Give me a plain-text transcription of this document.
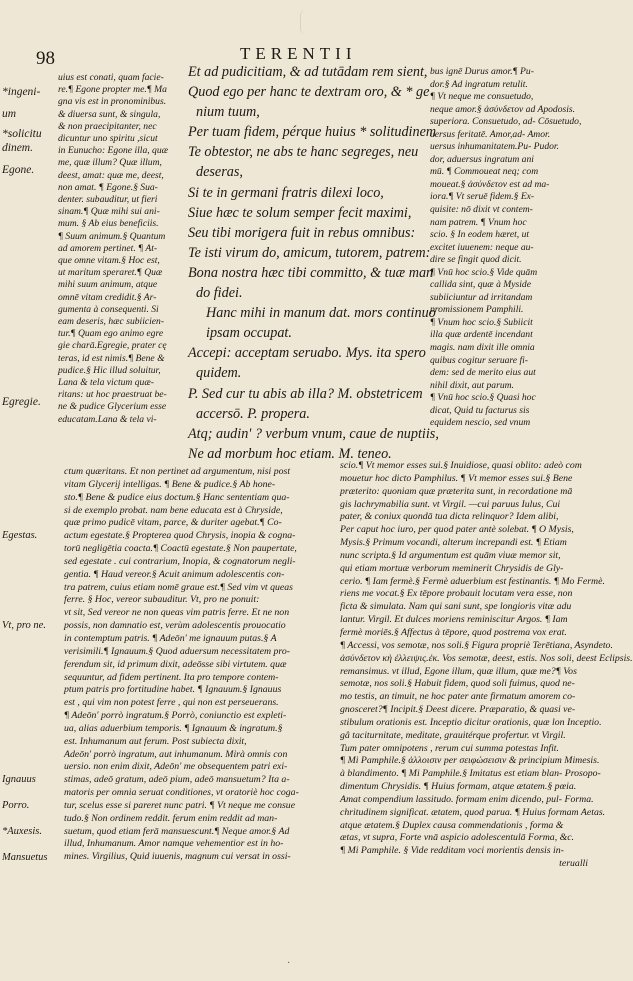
98	TERENTII
*ingeni-
um
*solicitu
dinem.
Egone.
Egregie.
uius est conati, quam facie-
re.¶ Egone propter me.¶ Ma
gna vis est in pronominibus.
& diuersa sunt, & singula,
& non praecipitanter, nec
dicuntur uno spiritu ,sicut
in Eunucho: Egone illa, quæ
me, quæ illum? Quæ illum,
deest, amat: quæ me, deest,
non amat. ¶ Egone.§ Sua-
denter. subauditur, ut fieri
sinam.¶ Quæ mihi sui ani-
mum. § Ab eius beneficiis.
¶ Suum animum.§ Quantum
ad amorem pertinet. ¶ At-
que omne vitam.§ Hoc est,
ut maritum speraret.¶ Quæ
mihi suum animum, atque
omnē vitam credidit.§ Ar-
gumenta à consequenti. Si
eam deseris, hæc subiicien-
tur.¶ Quam ego animo egre
gie charā.Egregie, prater cę
teras, id est nimis.¶ Bene &
pudice.§ Hic illud soluitur,
Lana & tela victum quæ-
ritans: ut hoc praestruat be-
ne & pudice Glycerium esse
educatam.Lana & tela vi-
Et ad pudicitiam, & ad tutādam rem sient,
Quod ego per hanc te dextram oro, & * ge
nium tuum,
Per tuam fidem, pérque huius * solitudinem
Te obtestor, ne abs te hanc segreges, neu
deseras,
Si te in germani fratris dilexi loco,
Siue hæc te solum semper fecit maximi,
Seu tibi morigera fuit in rebus omnibus:
Te isti virum do, amicum, tutorem, patrem:
Bona nostra hæc tibi committo, & tuæ man
do fidei.
Hanc mihi in manum dat. mors continuo
ipsam occupat.
Accepi: acceptam seruabo. Mys. ita spero
quidem.
P. Sed cur tu abis ab illa? M. obstetricem
accersō. P. propera.
Atq; audin' ? verbum vnum, caue de nuptiis,
Ne ad morbum hoc etiam. M. teneo.
bus ignē Durus amor.¶ Pu-
dor.§ Ad ingratum retulit.
¶ Vt neque me consuetudo,
neque amor.§ ἀσύνδετον ad Apodosis.
superiora. Consuetudo, ad- Cōsuetudo,
uersus feritatē. Amor,ad- Amor.
uersus inhumanitatem.Pu- Pudor.
dor, aduersus ingratum ani
mū. ¶ Commoueat neq; com
moueat.§ ἀσύνδετον est ad ma-
iora.¶ Vt seruē fidem.§ Ex-
quisite: nō dixit vt contem-
nam patrem. ¶ Vnum hoc
scio. § In eodem hæret, ut
excitet iuuenem: neque au-
dire se fingit quod dicit.
¶ Vnū hoc scio.§ Vide quām
callida sint, quæ à Myside
subiiciuntur ad irritandam
promissionem Pamphili.
¶ Vnum hoc scio.§ Subiicit
illa quæ ardentē incendant
magis. nam dixit ille omnia
quibus cogitur seruare fi-
dem: sed de merito eius aut
nihil dixit, aut parum.
¶ Vnū hoc scio.§ Quasi hoc
dicat, Quid tu facturus sis
equidem nescio, sed vnum
Egestas.
Vt, pro ne.
Ignauus
Porro.
*Auxesis.
Mansuetus
ctum quæritans. Et non pertinet ad argumentum, nisi post
vitam Glycerij intelligas. ¶ Bene & pudice.§ Ab hone-
sto.¶ Bene & pudice eius doctum.§ Hanc sententiam qua-
si de exemplo probat. nam bene educata est à Chryside,
quæ primo pudicē vitam, parce, & duriter agebat.¶ Co-
actum egestate.§ Propterea quod Chrysis, inopia & cogna-
torū negligētia coacta.¶ Coactū egestate.§ Non paupertate,
sed egestate . cui contrarium, Inopia, & cognatorum negli-
gentia. ¶ Haud vereor.§ Acuit animum adolescentis con-
tra patrem, cuius etiam nomē graue est.¶ Sed vim vt queas
ferre. § Hoc, vereor subauditur. Vt, pro ne ponuit:
vt sit, Sed vereor ne non queas vim patris ferre. Et ne non
possis, non damnatio est, verùm adolescentis prouocatio
in contemptum patris. ¶ Adeōn' me ignauum putas.§ A
verisimili.¶ Ignauum.§ Quod aduersum necessitatem pro-
ferendum sit, id primum dixit, adeōsse sibi virtutem. quæ
sequuntur, ad fidem pertinent. Ita pro tempore contem-
ptum patris pro fortitudine habet. ¶ Ignauum.§ Ignauus
est , qui vim non potest ferre , qui non est perseuerans.
¶ Adeōn' porrò ingratum.§ Porrò, coniunctio est expleti-
ua, alias aduerbium temporis. ¶ Ignauum & ingratum.§
est. Inhumanum aut ferum. Post subiecta dixit,
Adeōn' porrò ingratum, aut inhumanum. Mirà omnis con
uersio. non enim dixit, Adeōn' me obsequentem patri exi-
stimas, adeō gratum, adeō pium, adeō mansuetum? Ita a-
matoris per omnia seruat conditiones, vt oratoriè hoc coga-
tur, scelus esse si pareret nunc patri. ¶ Vt neque me consue
tudo.§ Non ordinem reddit. ferum enim reddit ad man-
suetum, quod etiam ferā mansuescunt.¶ Neque amor.§ Ad
illud, Inhumanum. Amor namque vehementior est in ho-
mines. Virgilius, Quid iuuenis, magnum cui versat in ossi-
scio.¶ Vt memor esses sui.§ Inuidiose, quasi oblito: adeò com
mouetur hoc dicto Pamphilus. ¶ Vt memor esses sui.§ Bene
præterito: quoniam quæ præterita sunt, in recordatione mā
gis lachrymabilia sunt. vt Virgil. —cui paruus Iulus, Cui
pater, & coniux quondā tua dicta relinquor? Idem alibi,
Per caput hoc iuro, per quod pater antè solebat. ¶ O Mysis,
Mysis.§ Primum vocandi, alterum increpandi est. ¶ Etiam
nunc scripta.§ Id argumentum est quām viuæ memor sit,
qui etiam mortuæ verborum meminerit Chrysidis de Gly-
cerio. ¶ Iam fermè.§ Fermè aduerbium est festinantis. ¶ Mo Fermè.
riens me vocat.§ Ex tēpore probauit locutam vera esse, non
ficta & simulata. Nam qui sani sunt, spe longioris vitæ adu
lantur. Virgil. Et dulces moriens reminiscitur Argos. ¶ Iam
fermè moriēs.§ Affectus à tēpore, quod postrema vox erat.
¶ Accessi, vos semotæ, nos soli.§ Figura propriè Terētiana, Asyndeto.
ἀσύνδετον κὴ ἐλλειψις.ἐκ. Vos semotæ, deest, estis. Nos soli, deest Eclipsis.
remansimus. vt illud, Egone illum, quæ illum, quæ me?¶ Vos
semotæ, nos soli.§ Habuit fidem, quod soli fuimus, quod ne-
mo testis, an timuit, ne hoc pater ante firmatum amorem co-
gnosceret?¶ Incipit.§ Deest dicere. Præparatio, & quasi ve-
stibulum orationis est. Inceptio dicitur orationis, quæ lon Inceptio.
gâ taciturnitate, meditate, grauitérque profertur. vt Virgil.
Tum pater omnipotens , rerum cui summa potestas Infit.
¶ Mi Pamphile.§ ἀλλοισιν per σειφώσεισιν & principium Mimesis.
à blandimento. ¶ Mi Pamphile.§ Imitatus est etiam blan- Prosopo-
dimentum Chrysidis. ¶ Huius formam, atque ætatem.§ pœia.
Amat compendium lassitudo. formam enim dicendo, pul- Forma.
chritudinem significat. ætatem, quod parua. ¶ Huius formam Aetas.
atque ætatem.§ Duplex causa commendationis , forma &
ætas, vt supra, Forte vnā aspicio adolescentulā Forma, &c.
¶ Mi Pamphile. § Vide redditam voci morientis densis in-
terualli
·
